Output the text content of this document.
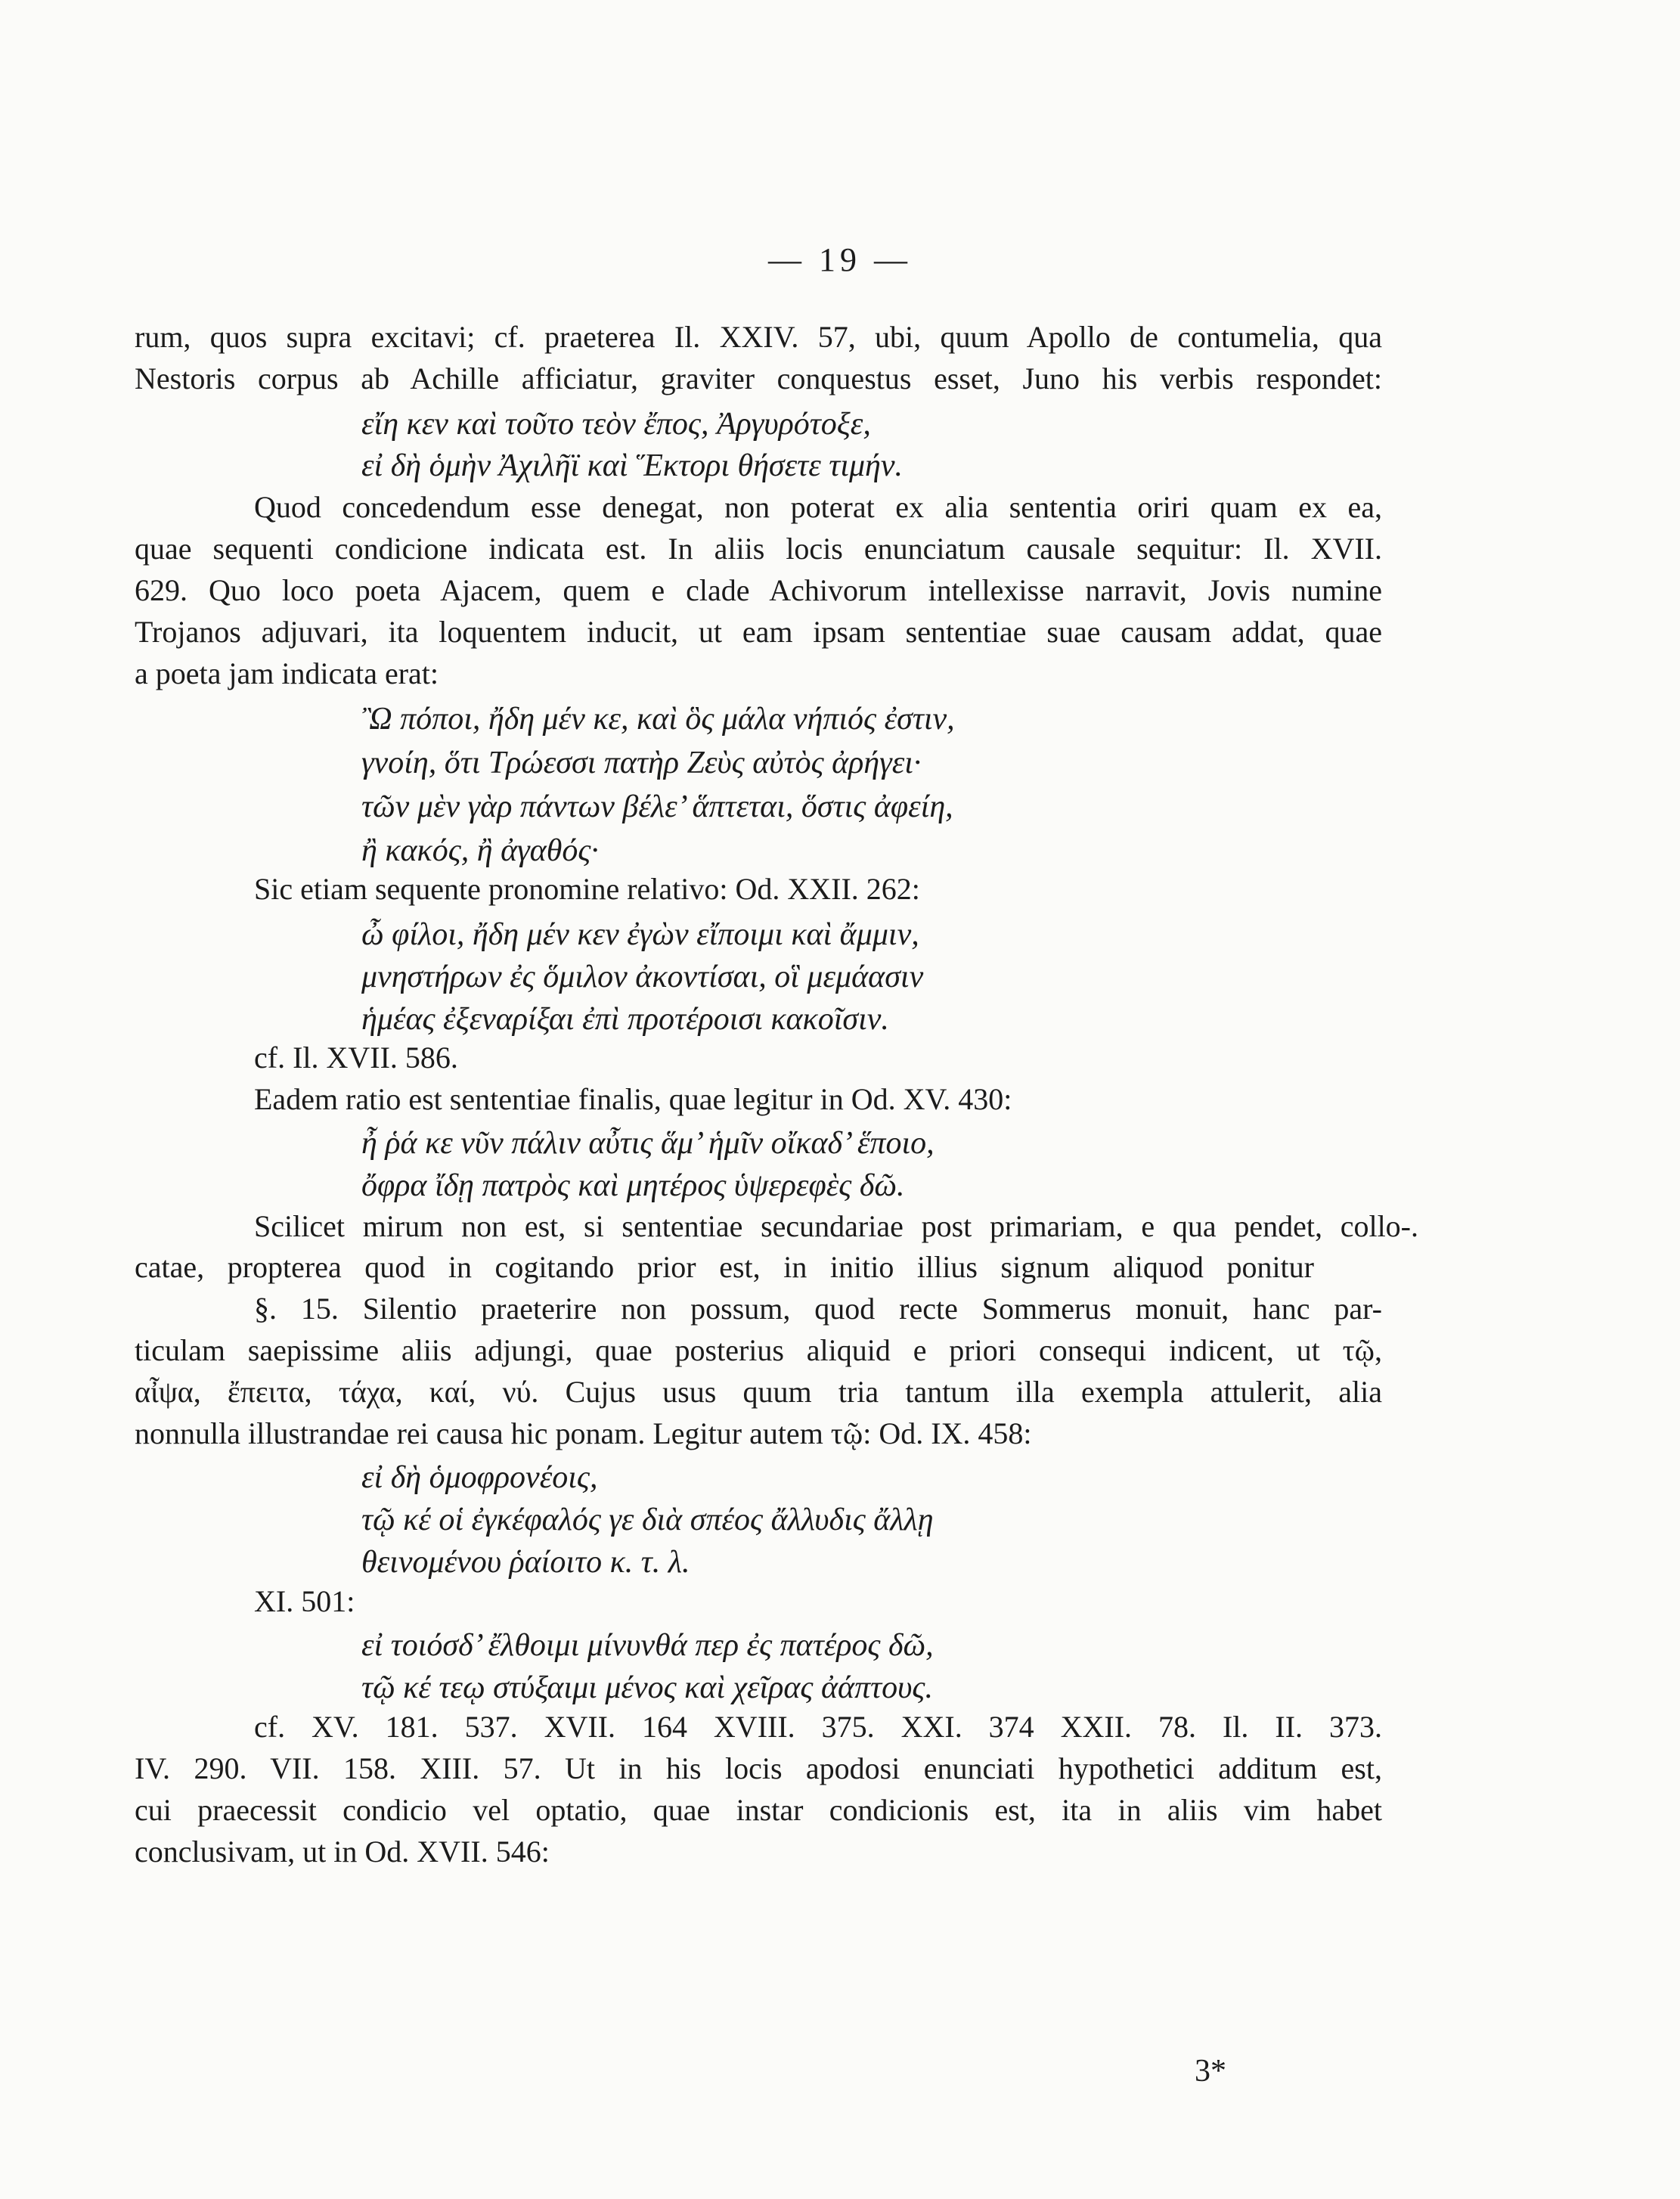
— 19 —
rum, quos supra excitavi; cf. praeterea Il. XXIV. 57, ubi, quum Apollo de contumelia, qua
Nestoris corpus ab Achille afficiatur, graviter conquestus esset, Juno his verbis respondet:
εἴη κεν καὶ τοῦτο τεὸν ἔπος, Ἀργυρότοξε,
εἰ δὴ ὁμὴν Ἀχιλῆϊ καὶ Ἕκτορι θήσετε τιμήν.
Quod concedendum esse denegat, non poterat ex alia sententia oriri quam ex ea,
quae sequenti condicione indicata est. In aliis locis enunciatum causale sequitur: Il. XVII.
629. Quo loco poeta Ajacem, quem e clade Achivorum intellexisse narravit, Jovis numine
Trojanos adjuvari, ita loquentem inducit, ut eam ipsam sententiae suae causam addat, quae
a poeta jam indicata erat:
Ὢ πόποι, ἤδη μέν κε, καὶ ὃς μάλα νήπιός ἐστιν,
γνοίη, ὅτι Τρώεσσι πατὴρ Ζεὺς αὐτὸς ἀρήγει·
τῶν μὲν γὰρ πάντων βέλε’ ἅπτεται, ὅστις ἀφείη,
ἢ κακός, ἢ ἀγαθός·
Sic etiam sequente pronomine relativo: Od. XXII. 262:
ὦ φίλοι, ἤδη μέν κεν ἐγὼν εἴποιμι καὶ ἄμμιν,
μνηστήρων ἐς ὅμιλον ἀκοντίσαι, οἳ μεμάασιν
ἡμέας ἐξεναρίξαι ἐπὶ προτέροισι κακοῖσιν.
cf. Il. XVII. 586.
Eadem ratio est sententiae finalis, quae legitur in Od. XV. 430:
ἦ ῥά κε νῦν πάλιν αὖτις ἅμ’ ἡμῖν οἴκαδ’ ἕποιο,
ὄφρα ἴδῃ πατρὸς καὶ μητέρος ὑψερεφὲς δῶ.
Scilicet mirum non est, si sententiae secundariae post primariam, e qua pendet, collo-.
catae, propterea quod in cogitando prior est, in initio illius signum aliquod ponitur
§. 15. Silentio praeterire non possum, quod recte Sommerus monuit, hanc par-
ticulam saepissime aliis adjungi, quae posterius aliquid e priori consequi indicent, ut τῷ,
αἶψα, ἔπειτα, τάχα, καί, νύ. Cujus usus quum tria tantum illa exempla attulerit, alia
nonnulla illustrandae rei causa hic ponam. Legitur autem τῷ: Od. IX. 458:
εἰ δὴ ὁμοφρονέοις,
τῷ κέ οἱ ἐγκέφαλός γε διὰ σπέος ἄλλυδις ἄλλῃ
θεινομένου ῥαίοιτο κ. τ. λ.
XI. 501:
εἰ τοιόσδ’ ἔλθοιμι μίνυνθά περ ἐς πατέρος δῶ,
τῷ κέ τεῳ στύξαιμι μένος καὶ χεῖρας ἀάπτους.
cf. XV. 181. 537. XVII. 164 XVIII. 375. XXI. 374 XXII. 78. Il. II. 373.
IV. 290. VII. 158. XIII. 57. Ut in his locis apodosi enunciati hypothetici additum est,
cui praecessit condicio vel optatio, quae instar condicionis est, ita in aliis vim habet
conclusivam, ut in Od. XVII. 546:
3*
